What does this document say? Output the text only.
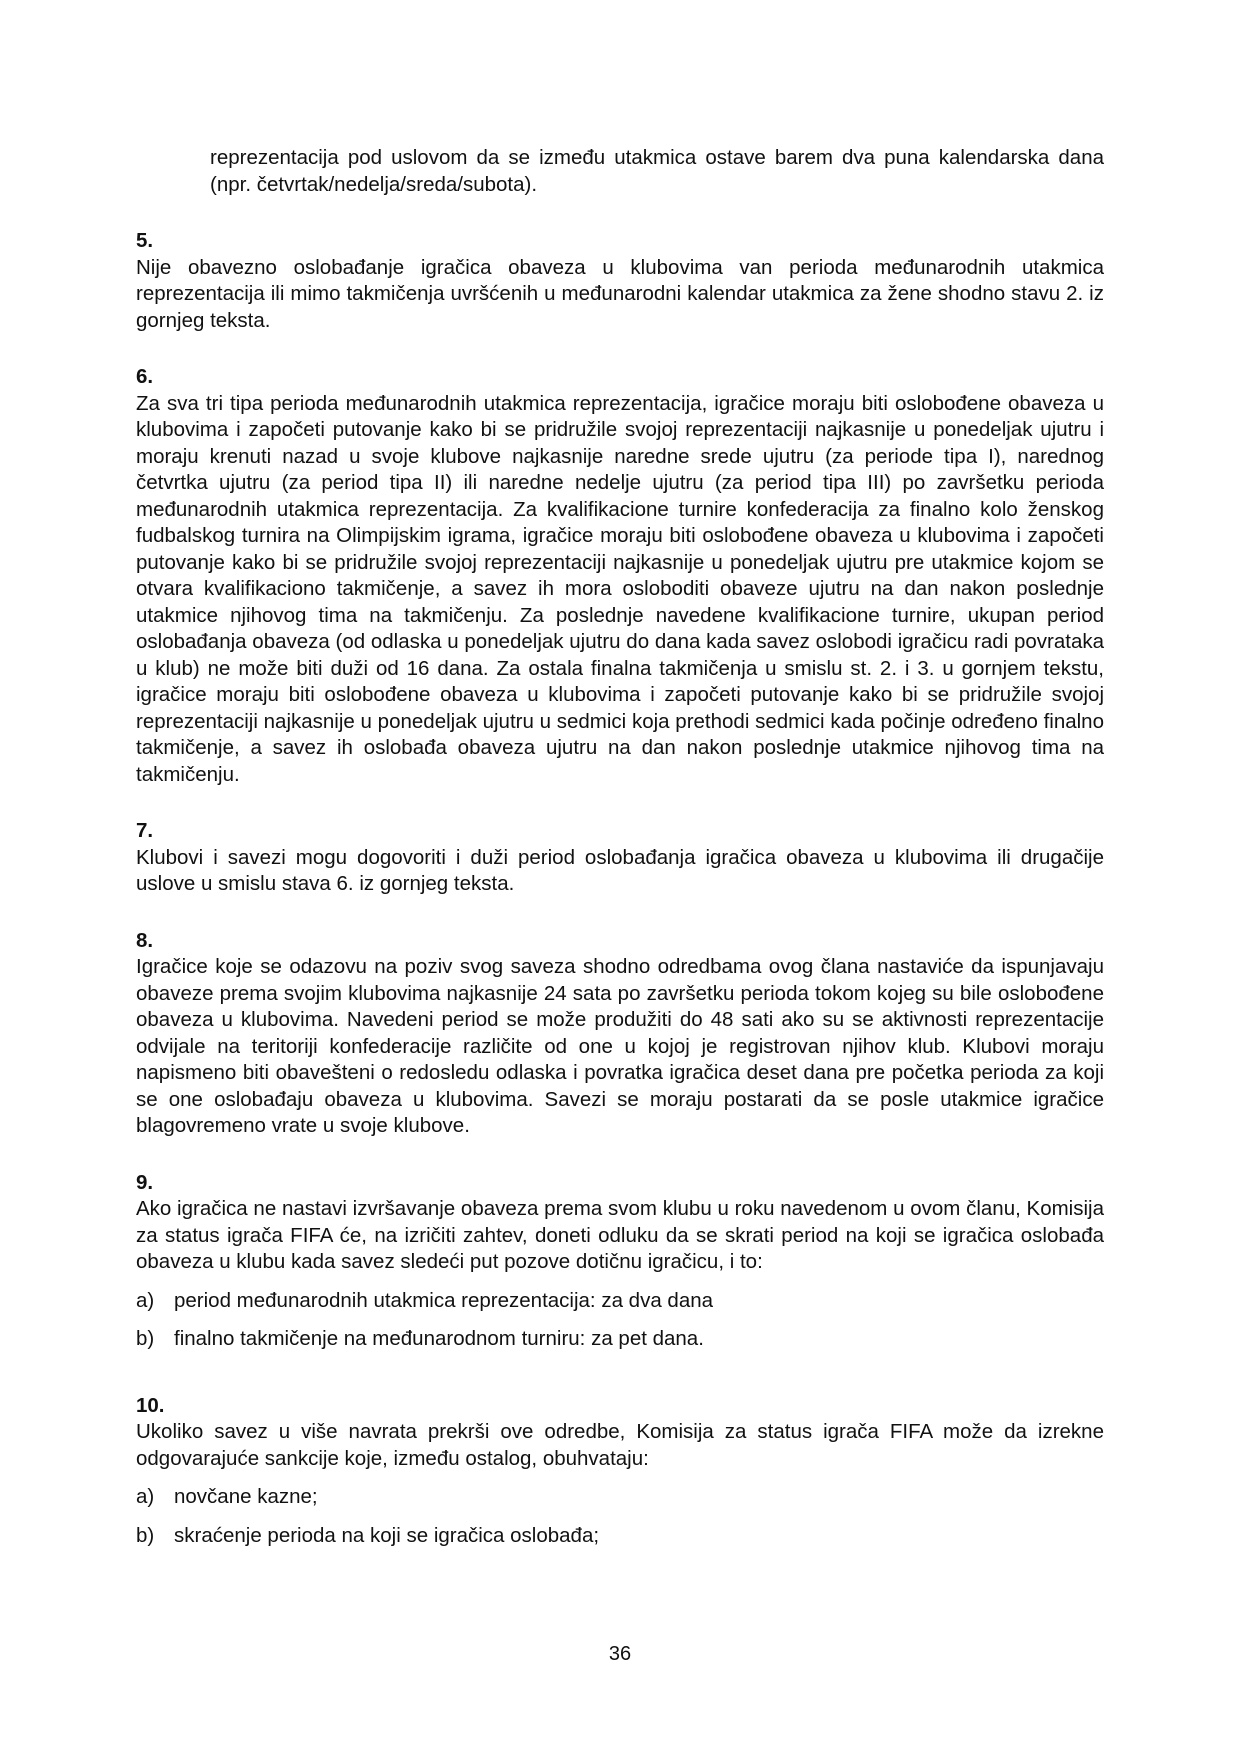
reprezentacija pod uslovom da se između utakmica ostave barem dva puna kalendarska dana (npr. četvrtak/nedelja/sreda/subota).

5.

Nije obavezno oslobađanje igračica obaveza u klubovima van perioda međunarodnih utakmica reprezentacija ili mimo takmičenja uvršćenih u međunarodni kalendar utakmica za žene shodno stavu 2. iz gornjeg teksta.

6.

Za sva tri tipa perioda međunarodnih utakmica reprezentacija, igračice moraju biti oslobođene obaveza u klubovima i započeti putovanje kako bi se pridružile svojoj reprezentaciji najkasnije u ponedeljak ujutru i moraju krenuti nazad u svoje klubove najkasnije naredne srede ujutru (za periode tipa I), narednog četvrtka ujutru (za period tipa II) ili naredne nedelje ujutru (za period tipa III) po završetku perioda međunarodnih utakmica reprezentacija. Za kvalifikacione turnire konfederacija za finalno kolo ženskog fudbalskog turnira na Olimpijskim igrama, igračice moraju biti oslobođene obaveza u klubovima i započeti putovanje kako bi se pridružile svojoj reprezentaciji najkasnije u ponedeljak ujutru pre utakmice kojom se otvara kvalifikaciono takmičenje, a savez ih mora osloboditi obaveze ujutru na dan nakon poslednje utakmice njihovog tima na takmičenju. Za poslednje navedene kvalifikacione turnire, ukupan period oslobađanja obaveza (od odlaska u ponedeljak ujutru do dana kada savez oslobodi igračicu radi povrataka u klub) ne može biti duži od 16 dana. Za ostala finalna takmičenja u smislu st. 2. i 3. u gornjem tekstu, igračice moraju biti oslobođene obaveza u klubovima i započeti putovanje kako bi se pridružile svojoj reprezentaciji najkasnije u ponedeljak ujutru u sedmici koja prethodi sedmici kada počinje određeno finalno takmičenje, a savez ih oslobađa obaveza ujutru na dan nakon poslednje utakmice njihovog tima na takmičenju.

7.

Klubovi i savezi mogu dogovoriti i duži period oslobađanja igračica obaveza u klubovima ili drugačije uslove u smislu stava 6. iz gornjeg teksta.

8.

Igračice koje se odazovu na poziv svog saveza shodno odredbama ovog člana nastaviće da ispunjavaju obaveze prema svojim klubovima najkasnije 24 sata po završetku perioda tokom kojeg su bile oslobođene obaveza u klubovima. Navedeni period se može produžiti do 48 sati ako su se aktivnosti reprezentacije odvijale na teritoriji konfederacije različite od one u kojoj je registrovan njihov klub. Klubovi moraju napismeno biti obavešteni o redosledu odlaska i povratka igračica deset dana pre početka perioda za koji se one oslobađaju obaveza u klubovima. Savezi se moraju postarati da se posle utakmice igračice blagovremeno vrate u svoje klubove.

9.

Ako igračica ne nastavi izvršavanje obaveza prema svom klubu u roku navedenom u ovom članu, Komisija za status igrača FIFA će, na izričiti zahtev, doneti odluku da se skrati period na koji se igračica oslobađa obaveza u klubu kada savez sledeći put pozove dotičnu igračicu, i to:

a) period međunarodnih utakmica reprezentacija: za dva dana
b) finalno takmičenje na međunarodnom turniru: za pet dana.

10.

Ukoliko savez u više navrata prekrši ove odredbe, Komisija za status igrača FIFA može da izrekne odgovarajuće sankcije koje, između ostalog, obuhvataju:

a) novčane kazne;
b) skraćenje perioda na koji se igračica oslobađa;
36
